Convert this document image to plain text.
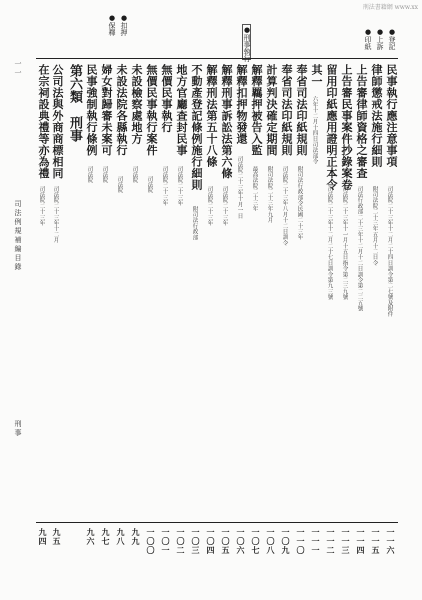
刑法書籍網 www.xx
●登記
●上訴
●印紙
●扣押
●保釋
●刑事執行
司法例規補編目錄
刑事
一一	民事執行應注意事項
司法院二十三年十二月二十四日訓令第二七號及附件
一一六
律師懲戒法施行細則
附司法院二十三年五月十二日令
一一五
上告審律師資格之審查
司法行政部二十三年十二月十二日訓令第二二五號
一一四
上告審民事案件抄錄案卷
司法院二十三年十一月十五日指令第二三九號
一一三
留用印紙應用證明正本令
司法院二十三年十二月二十七日訓令第九三號
一一二
其一
六年十二月十四日司法部令
一一一
奉省司法印紙規則
附司法行政部令民國二十三年
一一〇
奉省司法印紙規則
司法院二十三年八月十二日訓令
一〇九
計算判決確定期間
附司法院二十三年九月
一〇八
解釋羈押被告入監
最高法院二十三年
一〇七
解釋扣押物發還
司法院二十三年十月一日
一〇六
解釋刑事訴訟法第六條
司法院二十三年
一〇五
解釋刑法第五十八條
司法院二十三年
一〇四
不動產登記條例施行細則
附司法行政部
一〇三
地方官廳查封民事
司法院二十三年
一〇二
無價民事執行
司法院二十三年
一〇一
無價民事執行案件
司法院
一〇〇
未設檢察處地方
司法院
九九
未設法院各縣執行
司法院
九八
婦女對歸審未案可
司法院
九七
民事強制執行條例
司法院
九六
第六類　刑事
公司法與外商商標相同
司法院二十三年十二月
九五
在宗祠設典禮等亦為禮
司法院二十三年
九四
